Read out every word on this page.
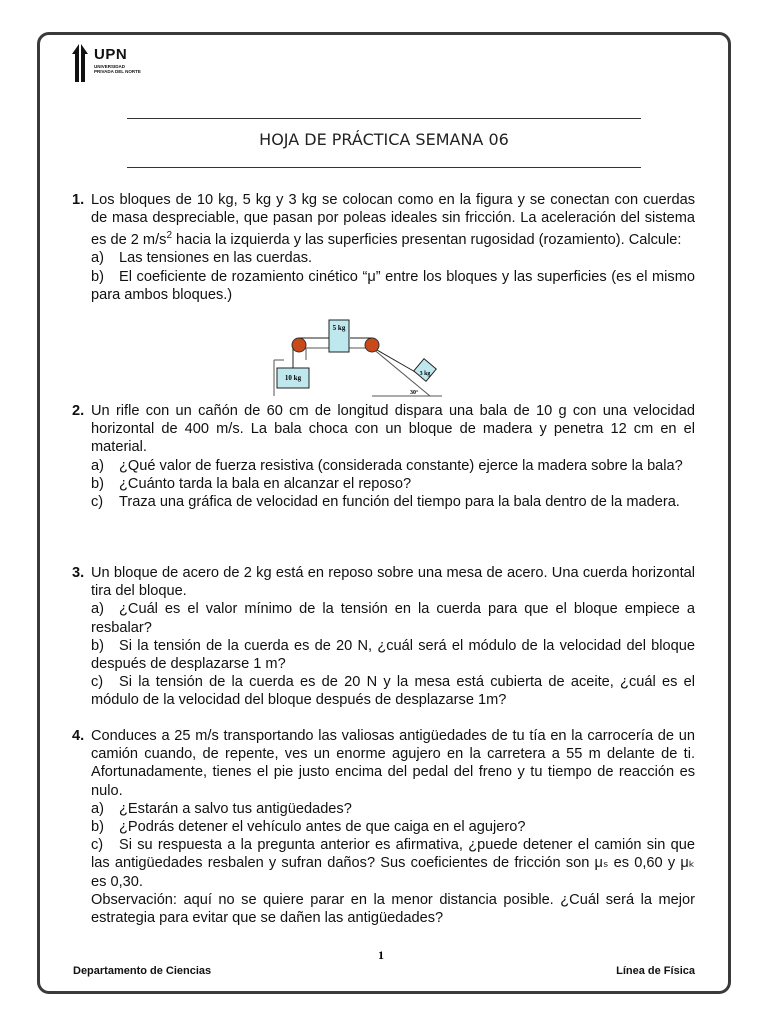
UPN
UNIVERSIDAD PRIVADA DEL NORTE
HOJA DE PRÁCTICA SEMANA 06
1. Los bloques de 10 kg, 5 kg y 3 kg se colocan como en la figura y se conectan con cuerdas de masa despreciable, que pasan por poleas ideales sin fricción. La aceleración del sistema es de 2 $m/s^2$ hacia la izquierda y las superficies presentan rugosidad (rozamiento). Calcule:
a) Las tensiones en las cuerdas.
b) El coeficiente de rozamiento cinético “μ” entre los bloques y las superficies (es el mismo para ambos bloques.)
5 kg
10 kg	3 kg
30°
2. Un rifle con un cañón de 60 cm de longitud dispara una bala de 10 g con una velocidad horizontal de 400 m/s. La bala choca con un bloque de madera y penetra 12 cm en el material.
a) ¿Qué valor de fuerza resistiva (considerada constante) ejerce la madera sobre la bala?
b) ¿Cuánto tarda la bala en alcanzar el reposo?
c) Traza una gráfica de velocidad en función del tiempo para la bala dentro de la madera.
3. Un bloque de acero de 2 kg está en reposo sobre una mesa de acero. Una cuerda horizontal tira del bloque.
a) ¿Cuál es el valor mínimo de la tensión en la cuerda para que el bloque empiece a resbalar?
b) Si la tensión de la cuerda es de 20 N, ¿cuál será el módulo de la velocidad del bloque después de desplazarse 1 m?
c) Si la tensión de la cuerda es de 20 N y la mesa está cubierta de aceite, ¿cuál es el módulo de la velocidad del bloque después de desplazarse 1m?
4. Conduces a 25 m/s transportando las valiosas antigüedades de tu tía en la carrocería de un camión cuando, de repente, ves un enorme agujero en la carretera a 55 m delante de ti. Afortunadamente, tienes el pie justo encima del pedal del freno y tu tiempo de reacción es nulo.
a) ¿Estarán a salvo tus antigüedades?
b) ¿Podrás detener el vehículo antes de que caiga en el agujero?
c) Si su respuesta a la pregunta anterior es afirmativa, ¿puede detener el camión sin que las antigüedades resbalen y sufran daños? Sus coeficientes de fricción son μₛ es 0,60 y μₖ es 0,30.
Observación: aquí no se quiere parar en la menor distancia posible. ¿Cuál será la mejor estrategia para evitar que se dañen las antigüedades?
1
Departamento de Ciencias	Línea de Física
